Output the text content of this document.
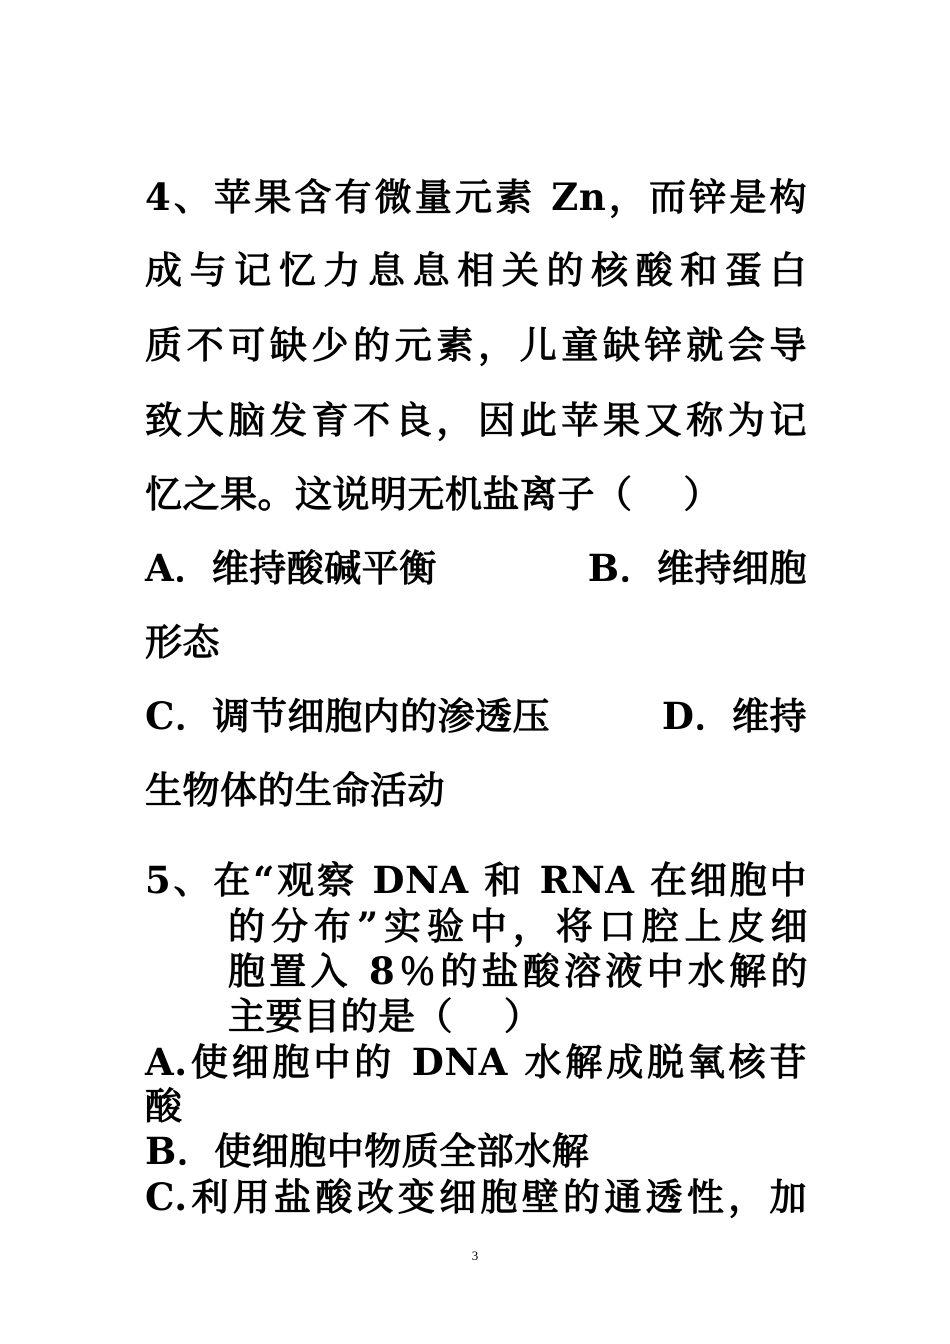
4、苹果含有微量元素 Zn，而锌是构
成与记忆力息息相关的核酸和蛋白
质不可缺少的元素，儿童缺锌就会导
致大脑发育不良，因此苹果又称为记
忆之果。这说明无机盐离子（　 ）
A．维持酸碱平衡	B．维持细胞
形态
C．调节细胞内的渗透压	D．维持
生物体的生命活动
5、在“观察 DNA 和 RNA 在细胞中
的分布”实验中，将口腔上皮细
胞置入 8％的盐酸溶液中水解的
主要目的是（　 ）
A.使细胞中的 DNA 水解成脱氧核苷
酸
B．使细胞中物质全部水解
C.利用盐酸改变细胞壁的通透性，加
3
